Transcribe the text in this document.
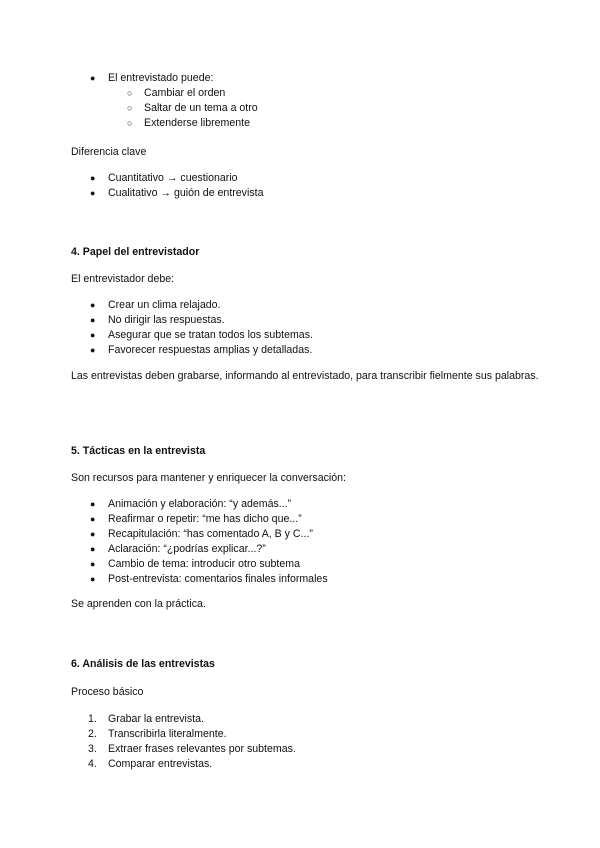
●	El entrevistado puede:
○	Cambiar el orden
○	Saltar de un tema a otro
○	Extenderse libremente
Diferencia clave
●	Cuantitativo → cuestionario
●	Cualitativo → guión de entrevista
4. Papel del entrevistador
El entrevistador debe:
●	Crear un clima relajado.
●	No dirigir las respuestas.
●	Asegurar que se tratan todos los subtemas.
●	Favorecer respuestas amplias y detalladas.
Las entrevistas deben grabarse, informando al entrevistado, para transcribir fielmente sus palabras.
5. Tácticas en la entrevista
Son recursos para mantener y enriquecer la conversación:
●	Animación y elaboración: “y además...”
●	Reafirmar o repetir: “me has dicho que...”
●	Recapitulación: “has comentado A, B y C...”
●	Aclaración: “¿podrías explicar...?”
●	Cambio de tema: introducir otro subtema
●	Post-entrevista: comentarios finales informales
Se aprenden con la práctica.
6. Análisis de las entrevistas
Proceso básico
1. Grabar la entrevista.
2. Transcribirla literalmente.
3. Extraer frases relevantes por subtemas.
4. Comparar entrevistas.
